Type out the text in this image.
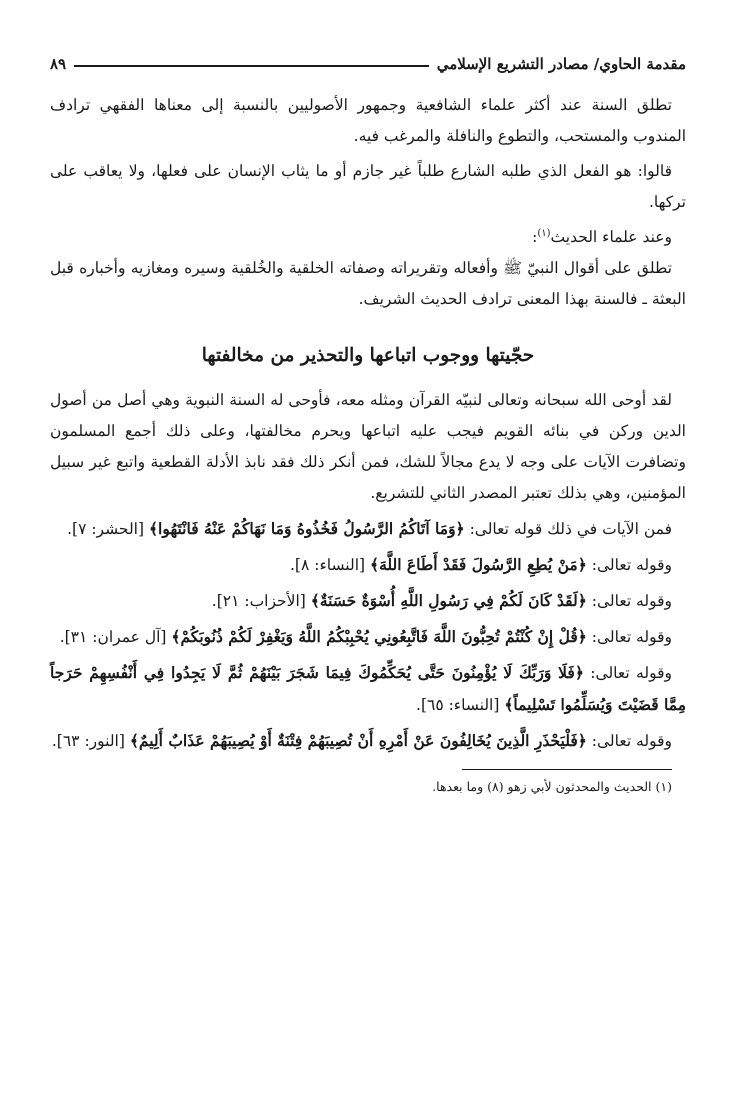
مقدمة الحاوي/ مصادر التشريع الإسلامي
٨٩

تطلق السنة عند أكثر علماء الشافعية وجمهور الأصوليين بالنسبة إلى معناها الفقهي ترادف المندوب والمستحب، والتطوع والنافلة والمرغب فيه.

قالوا: هو الفعل الذي طلبه الشارع طلباً غير جازم أو ما يثاب الإنسان على فعلها، ولا يعاقب على تركها.

وعند علماء الحديث$^{(١)}$:

تطلق على أقوال النبيّ ﷺ وأفعاله وتقريراته وصفاته الخلقية والخُلقية وسيره ومغازيه وأخباره قبل البعثة ـ فالسنة بهذا المعنى ترادف الحديث الشريف.

حجّيتها ووجوب اتباعها والتحذير من مخالفتها

لقد أوحى الله سبحانه وتعالى لنبيّه القرآن ومثله معه، فأوحى له السنة النبوية وهي أصل من أصول الدين وركن في بنائه القويم فيجب عليه اتباعها ويحرم مخالفتها، وعلى ذلك أجمع المسلمون وتضافرت الآيات على وجه لا يدع مجالاً للشك، فمن أنكر ذلك فقد نابذ الأدلة القطعية واتبع غير سبيل المؤمنين، وهي بذلك تعتبر المصدر الثاني للتشريع.

فمن الآيات في ذلك قوله تعالى: ﴿وَمَا آتَاكُمُ الرَّسُولُ فَخُذُوهُ وَمَا نَهَاكُمْ عَنْهُ فَانْتَهُوا﴾ [الحشر: ٧].

وقوله تعالى: ﴿مَنْ يُطِعِ الرَّسُولَ فَقَدْ أَطَاعَ اللَّهَ﴾ [النساء: ٨].

وقوله تعالى: ﴿لَقَدْ كَانَ لَكُمْ فِي رَسُولِ اللَّهِ أُسْوَةٌ حَسَنَةٌ﴾ [الأحزاب: ٢١].

وقوله تعالى: ﴿قُلْ إِنْ كُنْتُمْ تُحِبُّونَ اللَّهَ فَاتَّبِعُونِي يُحْبِبْكُمُ اللَّهُ وَيَغْفِرْ لَكُمْ ذُنُوبَكُمْ﴾ [آل عمران: ٣١].

وقوله تعالى: ﴿فَلَا وَرَبِّكَ لَا يُؤْمِنُونَ حَتَّى يُحَكِّمُوكَ فِيمَا شَجَرَ بَيْنَهُمْ ثُمَّ لَا يَجِدُوا فِي أَنْفُسِهِمْ حَرَجاً مِمَّا قَضَيْتَ وَيُسَلِّمُوا تَسْلِيماً﴾ [النساء: ٦٥].

وقوله تعالى: ﴿فَلْيَحْذَرِ الَّذِينَ يُخَالِفُونَ عَنْ أَمْرِهِ أَنْ تُصِيبَهُمْ فِتْنَةٌ أَوْ يُصِيبَهُمْ عَذَابٌ أَلِيمٌ﴾ [النور: ٦٣].

(١) الحديث والمحدثون لأبي زهو (٨) وما بعدها.
